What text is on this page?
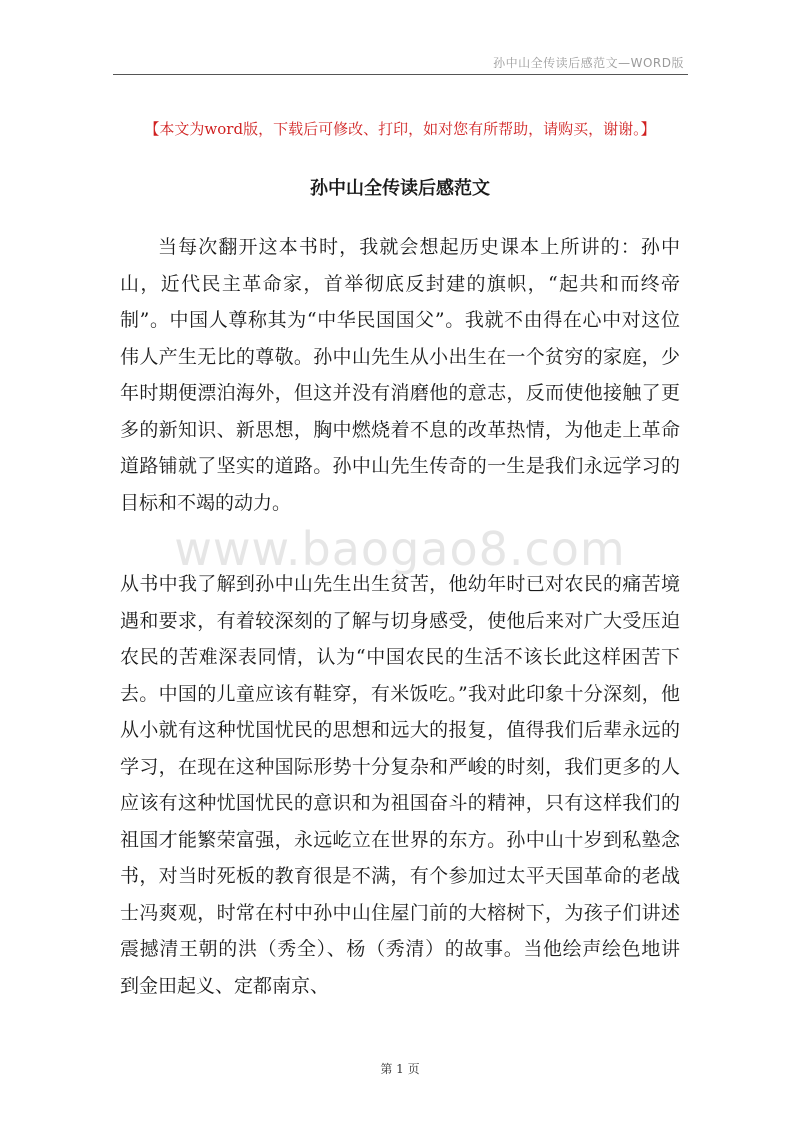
孙中山全传读后感范文—WORD版
【本文为word版，下载后可修改、打印，如对您有所帮助，请购买，谢谢。】
孙中山全传读后感范文

当每次翻开这本书时，我就会想起历史课本上所讲的：孙中山，近代民主革命家，首举彻底反封建的旗帜，“起共和而终帝制”。中国人尊称其为“中华民国国父”。我就不由得在心中对这位伟人产生无比的尊敬。孙中山先生从小出生在一个贫穷的家庭，少年时期便漂泊海外，但这并没有消磨他的意志，反而使他接触了更多的新知识、新思想，胸中燃烧着不息的改革热情，为他走上革命道路铺就了坚实的道路。孙中山先生传奇的一生是我们永远学习的目标和不竭的动力。

www.baogao8.com

从书中我了解到孙中山先生出生贫苦，他幼年时已对农民的痛苦境遇和要求，有着较深刻的了解与切身感受，使他后来对广大受压迫农民的苦难深表同情，认为“中国农民的生活不该长此这样困苦下去。中国的儿童应该有鞋穿，有米饭吃。”我对此印象十分深刻，他从小就有这种忧国忧民的思想和远大的报复，值得我们后辈永远的学习，在现在这种国际形势十分复杂和严峻的时刻，我们更多的人应该有这种忧国忧民的意识和为祖国奋斗的精神，只有这样我们的祖国才能繁荣富强，永远屹立在世界的东方。孙中山十岁到私塾念书，对当时死板的教育很是不满，有个参加过太平天国革命的老战士冯爽观，时常在村中孙中山住屋门前的大榕树下，为孩子们讲述震撼清王朝的洪（秀全）、杨（秀清）的故事。当他绘声绘色地讲到金田起义、定都南京、

第 1 页
